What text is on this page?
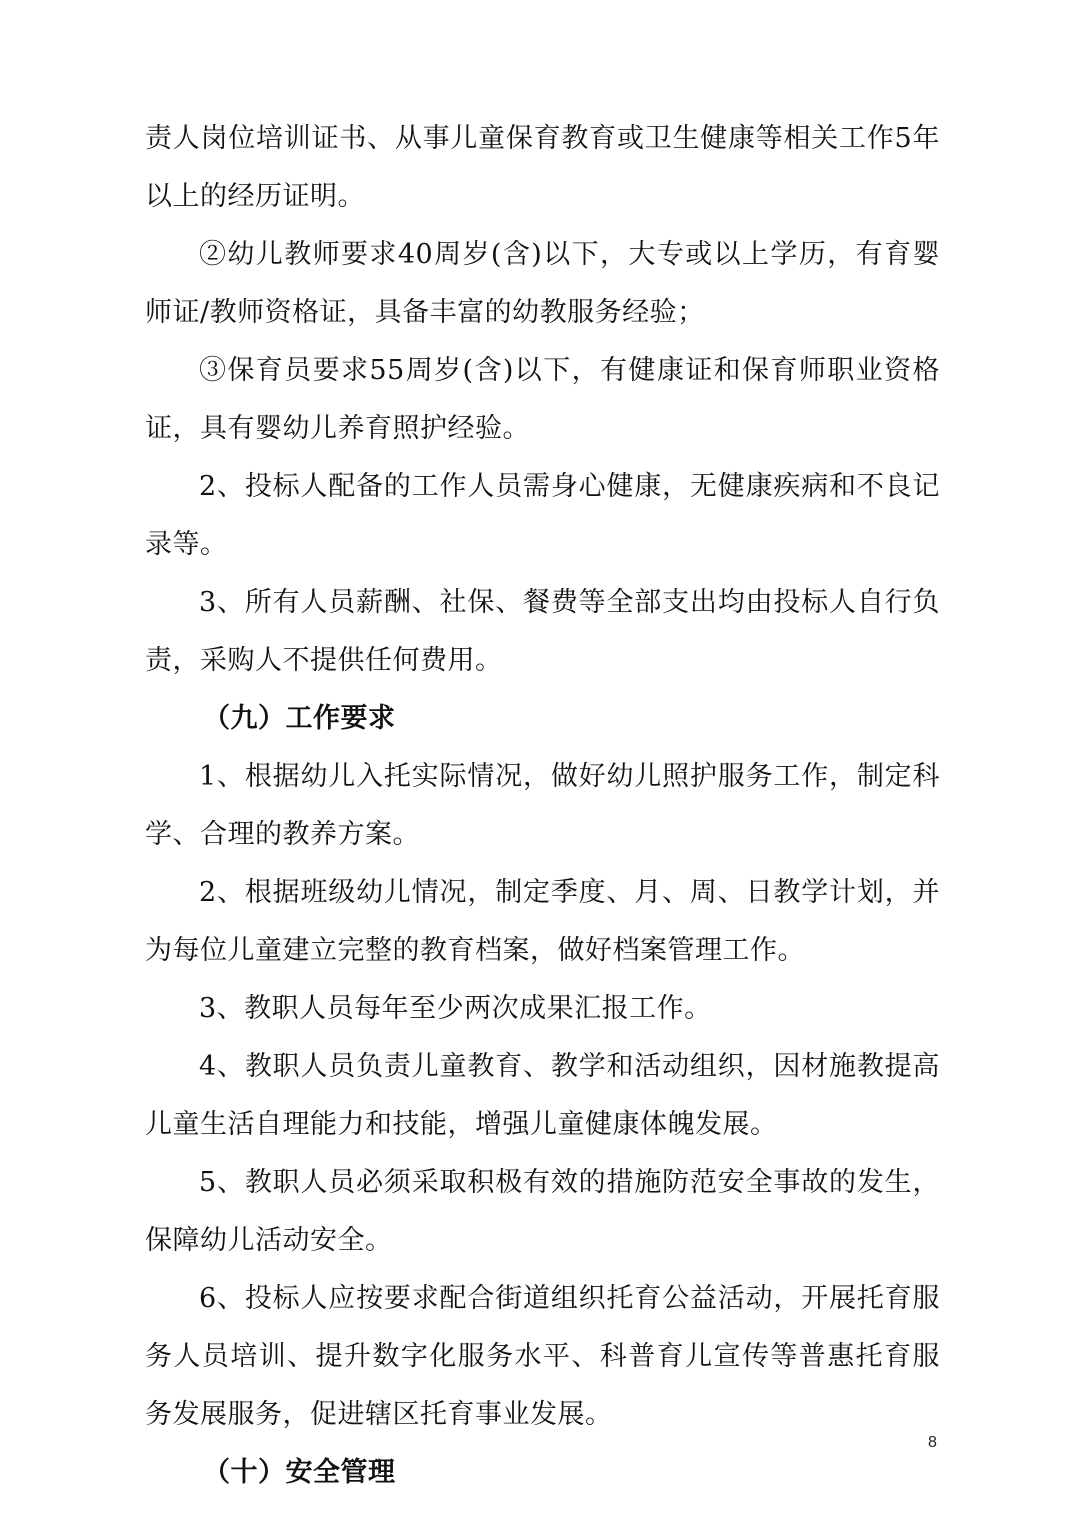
责人岗位培训证书、从事儿童保育教育或卫生健康等相关工作5年以上的经历证明。

②幼儿教师要求40周岁(含)以下，大专或以上学历，有育婴师证/教师资格证，具备丰富的幼教服务经验；

③保育员要求55周岁(含)以下，有健康证和保育师职业资格证，具有婴幼儿养育照护经验。

2、投标人配备的工作人员需身心健康，无健康疾病和不良记录等。

3、所有人员薪酬、社保、餐费等全部支出均由投标人自行负责，采购人不提供任何费用。

（九）工作要求

1、根据幼儿入托实际情况，做好幼儿照护服务工作，制定科学、合理的教养方案。

2、根据班级幼儿情况，制定季度、月、周、日教学计划，并为每位儿童建立完整的教育档案，做好档案管理工作。

3、教职人员每年至少两次成果汇报工作。

4、教职人员负责儿童教育、教学和活动组织，因材施教提高儿童生活自理能力和技能，增强儿童健康体魄发展。

5、教职人员必须采取积极有效的措施防范安全事故的发生，保障幼儿活动安全。

6、投标人应按要求配合街道组织托育公益活动，开展托育服务人员培训、提升数字化服务水平、科普育儿宣传等普惠托育服务发展服务，促进辖区托育事业发展。

（十）安全管理
8
